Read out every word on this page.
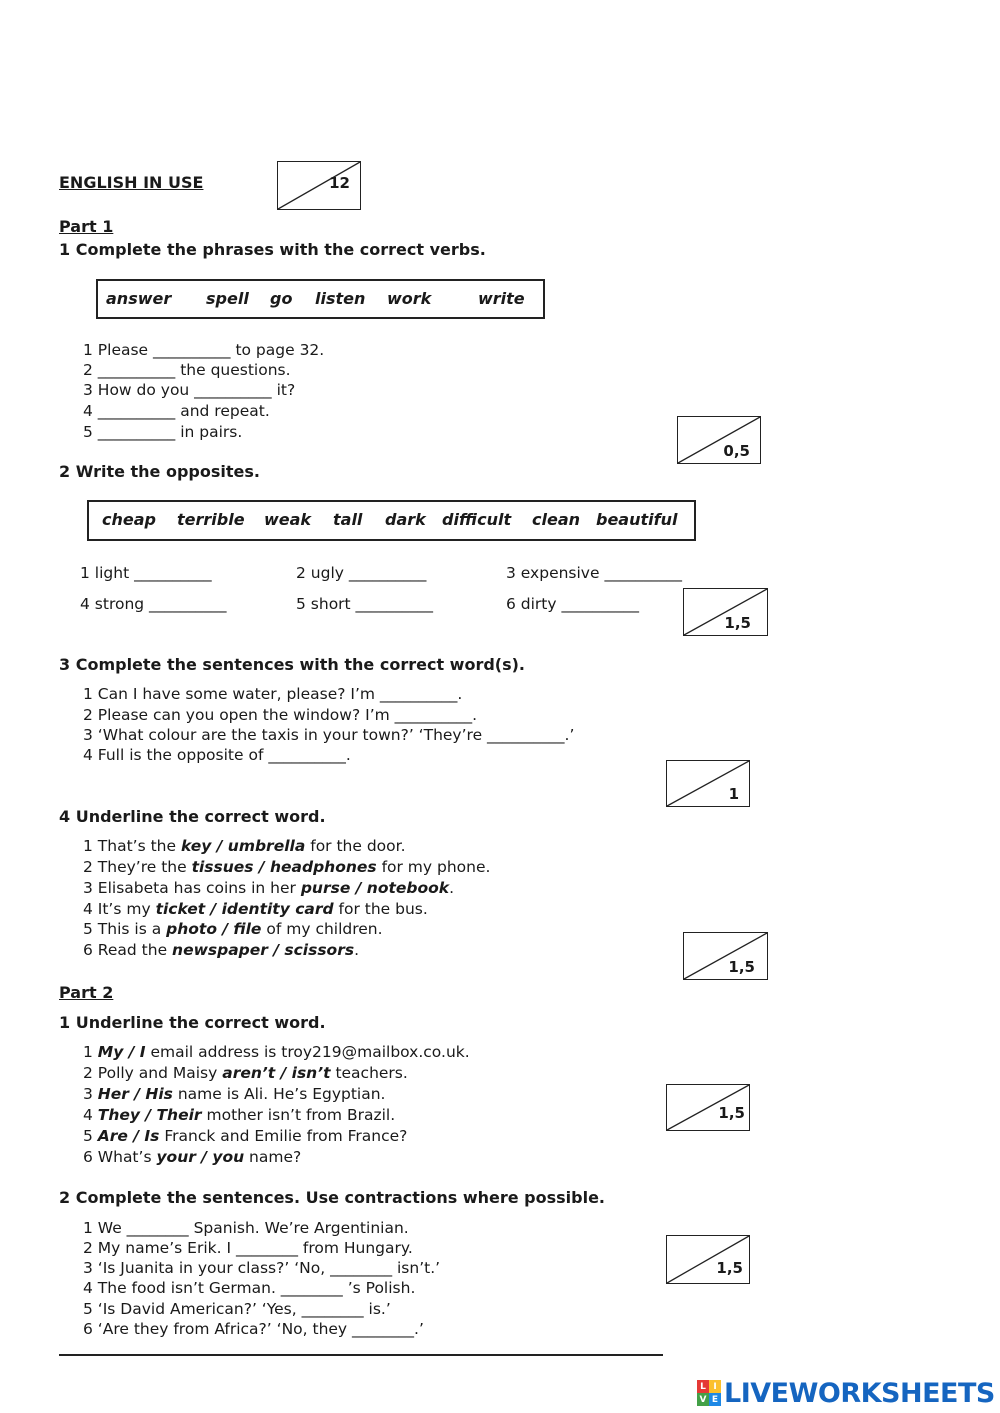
ENGLISH IN USE	12
Part 1
1 Complete the phrases with the correct verbs.
answer spell go listen work	write
1 Please __________ to page 32.
2 __________ the questions.
3 How do you __________ it?
4 __________ and repeat.
5 __________ in pairs.
0,5
2 Write the opposites.
cheap terrible weak tall dark difficult clean beautiful
1 light __________	2 ugly __________	3 expensive __________
4 strong __________	5 short __________	6 dirty __________
1,5
3 Complete the sentences with the correct word(s).
1 Can I have some water, please? I’m __________.
2 Please can you open the window? I’m __________.
3 ‘What colour are the taxis in your town?’ ‘They’re __________.’
4 Full is the opposite of __________.
1
4 Underline the correct word.
1 That’s the key / umbrella for the door.
2 They’re the tissues / headphones for my phone.
3 Elisabeta has coins in her purse / notebook.
4 It’s my ticket / identity card for the bus.
5 This is a photo / file of my children.
6 Read the newspaper / scissors.
1,5
Part 2
1 Underline the correct word.
1 My / I email address is troy219@mailbox.co.uk.
2 Polly and Maisy aren’t / isn’t teachers.
3 Her / His name is Ali. He’s Egyptian.
4 They / Their mother isn’t from Brazil.
5 Are / Is Franck and Emilie from France?
6 What’s your / you name?
1,5
2 Complete the sentences. Use contractions where possible.
1 We ________ Spanish. We’re Argentinian.
2 My name’s Erik. I ________ from Hungary.
3 ‘Is Juanita in your class?’ ‘No, ________ isn’t.’
4 The food isn’t German. ________ ’s Polish.
5 ‘Is David American?’ ‘Yes, ________ is.’
6 ‘Are they from Africa?’ ‘No, they ________.’
1,5
L I
V E LIVEWORKSHEETS
